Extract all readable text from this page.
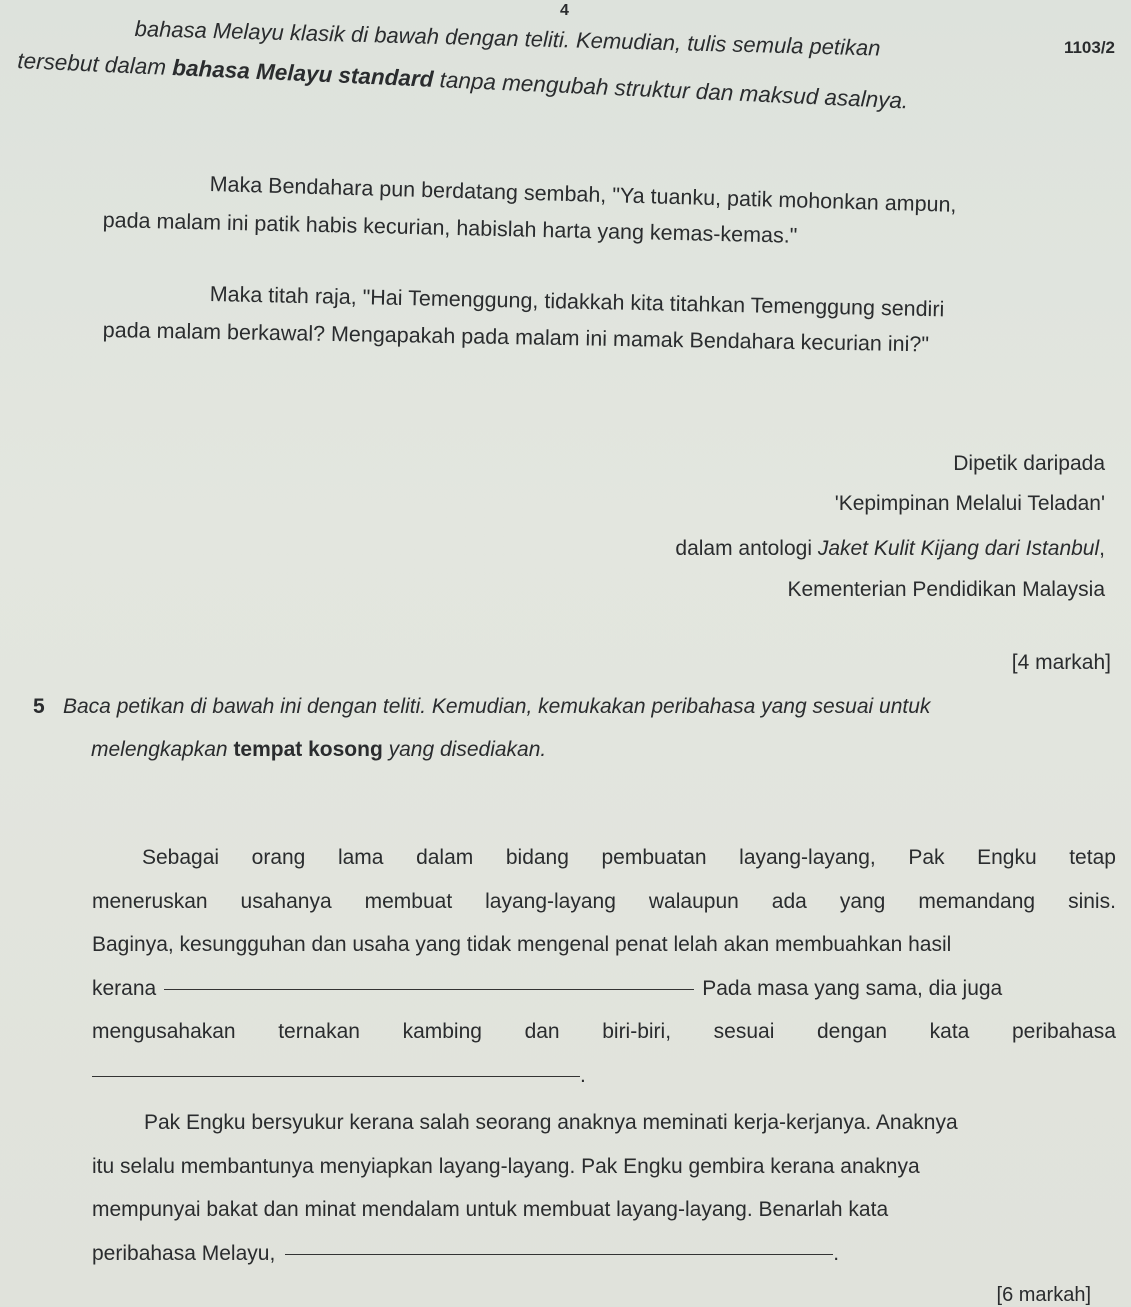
4
1103/2
bahasa Melayu klasik di bawah dengan teliti. Kemudian, tulis semula petikan
tersebut dalam bahasa Melayu standard tanpa mengubah struktur dan maksud asalnya.
Maka Bendahara pun berdatang sembah, "Ya tuanku, patik mohonkan ampun,
pada malam ini patik habis kecurian, habislah harta yang kemas-kemas."
Maka titah raja, "Hai Temenggung, tidakkah kita titahkan Temenggung sendiri
pada malam berkawal? Mengapakah pada malam ini mamak Bendahara kecurian ini?"
Dipetik daripada
'Kepimpinan Melalui Teladan'
dalam antologi Jaket Kulit Kijang dari Istanbul,
Kementerian Pendidikan Malaysia
[4 markah]
5 Baca petikan di bawah ini dengan teliti. Kemudian, kemukakan peribahasa yang sesuai untuk
melengkapkan tempat kosong yang disediakan.
Sebagai orang lama dalam bidang pembuatan layang-layang, Pak Engku tetap
meneruskan usahanya membuat layang-layang walaupun ada yang memandang sinis.
Baginya, kesungguhan dan usaha yang tidak mengenal penat lelah akan membuahkan hasil
kerana	Pada masa yang sama, dia juga
mengusahakan ternakan kambing dan biri-biri, sesuai dengan kata peribahasa
.
Pak Engku bersyukur kerana salah seorang anaknya meminati kerja-kerjanya. Anaknya
itu selalu membantunya menyiapkan layang-layang. Pak Engku gembira kerana anaknya
mempunyai bakat dan minat mendalam untuk membuat layang-layang. Benarlah kata
peribahasa Melayu,	.
[6 markah]
